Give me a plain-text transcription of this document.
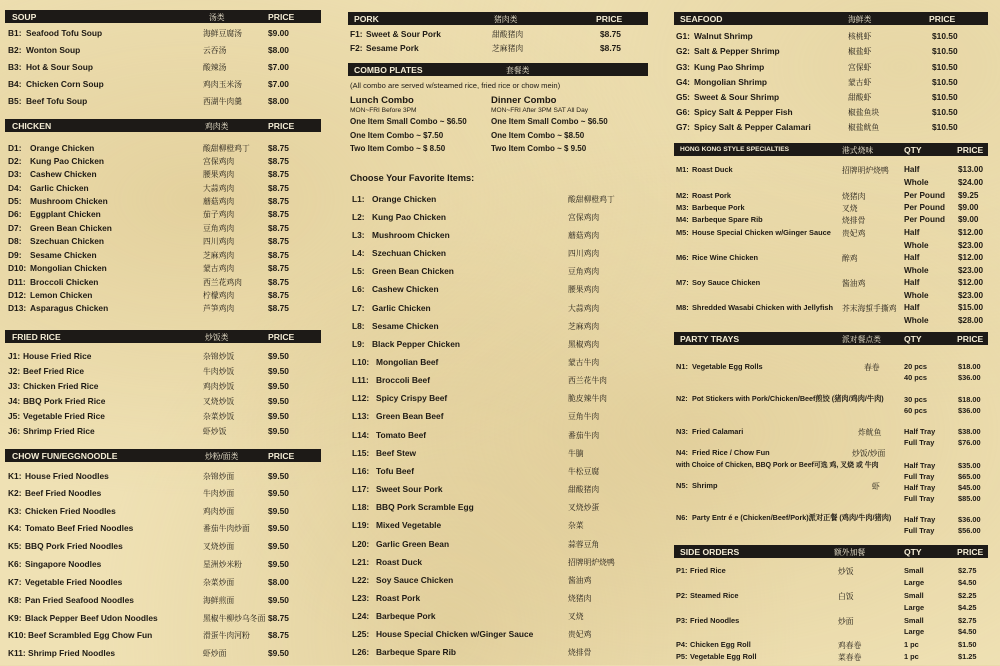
SOUP	汤类	PRICE
B1: Seafood Tofu Soup	海鲜豆腐汤	$9.00
B2: Wonton Soup	云吞汤	$8.00
B3: Hot & Sour Soup	酸辣汤	$7.00
B4: Chicken Corn Soup	鸡肉玉米汤	$7.00
B5: Beef Tofu Soup	西湖牛肉羹	$8.00
CHICKEN	鸡肉类	PRICE
D1: Orange Chicken	酸甜柳橙鸡丁 $8.75
D2: Kung Pao Chicken	宫保鸡肉	$8.75
D3: Cashew Chicken	腰果鸡肉	$8.75
D4: Garlic Chicken	大蒜鸡肉	$8.75
D5: Mushroom Chicken	蘑菇鸡肉	$8.75
D6: Eggplant Chicken	茄子鸡肉	$8.75
D7: Green Bean Chicken	豆角鸡肉	$8.75
D8: Szechuan Chicken	四川鸡肉	$8.75
D9: Sesame Chicken	芝麻鸡肉	$8.75
D10: Mongolian Chicken	蒙古鸡肉	$8.75
D11: Broccoli Chicken	西兰花鸡肉	$8.75
D12: Lemon Chicken	柠檬鸡肉	$8.75
D13: Asparagus Chicken	芦笋鸡肉	$8.75
FRIED RICE	炒饭类	PRICE
J1: House Fried Rice	杂锦炒饭	$9.50
J2: Beef Fried Rice	牛肉炒饭	$9.50
J3: Chicken Fried Rice	鸡肉炒饭	$9.50
J4: BBQ Pork Fried Rice	叉烧炒饭	$9.50
J5: Vegetable Fried Rice	杂菜炒饭	$9.50
J6: Shrimp Fried Rice	虾炒饭	$9.50
CHOW FUN/EGGNOODLE	炒粉/面类	PRICE
K1: House Fried Noodles	杂锦炒面	$9.50
K2: Beef Fried Noodles	牛肉炒面	$9.50
K3: Chicken Fried Noodles	鸡肉炒面	$9.50
K4: Tomato Beef Fried Noodles	番茄牛肉炒面 $9.50
K5: BBQ Pork Fried Noodles	叉烧炒面	$9.50
K6: Singapore Noodles	星洲炒米粉	$9.50
K7: Vegetable Fried Noodles	杂菜炒面	$8.00
K8: Pan Fried Seafood Noodles	海鲜煎面	$9.50
K9: Black Pepper Beef Udon Noodles	黑椒牛柳炒乌冬面 $8.75
K10: Beef Scrambled Egg Chow Fun	滑蛋牛肉河粉 $8.75
K11: Shrimp Fried Noodles	虾炒面	$9.50
PORK	猪肉类	PRICE
F1: Sweet & Sour Pork	甜酸猪肉	$8.75
F2: Sesame Pork	芝麻猪肉	$8.75
COMBO PLATES	套餐类
(All combo are served w/steamed rice, fried rice or chow mein)
Lunch Combo
MON~FRI Before 3PM
One Item Small Combo ~ $6.50
One Item Combo ~ $7.50
Two Item Combo ~ $ 8.50
Dinner Combo
MON~FRI After 3PM SAT All Day
One Item Small Combo ~ $6.50
One Item Combo ~ $8.50
Two Item Combo ~ $ 9.50
Choose Your Favorite Items:
L1: Orange Chicken	酸甜柳橙鸡丁
L2: Kung Pao Chicken	宫保鸡肉
L3: Mushroom Chicken	蘑菇鸡肉
L4: Szechuan Chicken	四川鸡肉
L5: Green Bean Chicken	豆角鸡肉
L6: Cashew Chicken	腰果鸡肉
L7: Garlic Chicken	大蒜鸡肉
L8: Sesame Chicken	芝麻鸡肉
L9: Black Pepper Chicken	黑椒鸡肉
L10: Mongolian Beef	蒙古牛肉
L11: Broccoli Beef	西兰花牛肉
L12: Spicy Crispy Beef	脆皮辣牛肉
L13: Green Bean Beef	豆角牛肉
L14: Tomato Beef	番茄牛肉
L15: Beef Stew	牛腩
L16: Tofu Beef	牛松豆腐
L17: Sweet Sour Pork	甜酸猪肉
L18: BBQ Pork Scramble Egg	叉烧炒蛋
L19: Mixed Vegetable	杂菜
L20: Garlic Green Bean	蒜蓉豆角
L21: Roast Duck	招牌明炉烧鸭
L22: Soy Sauce Chicken	酱油鸡
L23: Roast Pork	烧猪肉
L24: Barbeque Pork	叉烧
L25: House Special Chicken w/Ginger Sauce	贵妃鸡
L26: Barbeque Spare Rib	烧排骨
SEAFOOD	海鲜类	PRICE
G1: Walnut Shrimp	核桃虾	$10.50
G2: Salt & Pepper Shrimp	椒盐虾	$10.50
G3: Kung Pao Shrimp	宫保虾	$10.50
G4: Mongolian Shrimp	蒙古虾	$10.50
G5: Sweet & Sour Shrimp	甜酸虾	$10.50
G6: Spicy Salt & Pepper Fish	椒盐鱼块	$10.50
G7: Spicy Salt & Pepper Calamari	椒盐鱿鱼	$10.50
HONG KONG STYLE SPECIALTIES	港式烧味	QTY	PRICE
M1: Roast Duck	招牌明炉烧鸭 Half	$13.00
Whole	$24.00
M2: Roast Pork	烧猪肉	Per Pound $9.25
M3: Barbeque Pork	叉烧	Per Pound $9.00
M4: Barbeque Spare Rib	烧排骨	Per Pound $9.00
M5: House Special Chicken w/Ginger Sauce 贵妃鸡	Half	$12.00
Whole	$23.00
M6: Rice Wine Chicken	醉鸡	Half	$12.00
Whole	$23.00
M7: Soy Sauce Chicken	酱油鸡	Half	$12.00
Whole	$23.00
M8: Shredded Wasabi Chicken with Jellyfish 芥末海蜇手撕鸡 Half	$15.00
Whole	$28.00
PARTY TRAYS	派对餐点类	QTY	PRICE
N1: Vegetable Egg Rolls	春卷	20 pcs	$18.00
40 pcs	$36.00
N2: Pot Stickers with Pork/Chicken/Beef煎饺 (猪肉/鸡肉/牛肉)	30 pcs	$18.00
60 pcs	$36.00
N3: Fried Calamari	炸鱿鱼	Half Tray	$38.00
Full Tray	$76.00
N4: Fried Rice / Chow Fun	炒饭/炒面
with Choice of Chicken, BBQ Pork or Beef可选 鸡, 叉烧 或 牛肉	Half Tray	$35.00
Full Tray	$65.00
N5: Shrimp	虾	Half Tray	$45.00
Full Tray	$85.00
N6: Party Entr é e (Chicken/Beef/Pork)派对正餐 (鸡肉/牛肉/猪肉) Half Tray	$36.00
Full Tray	$56.00
SIDE ORDERS	额外加餐	QTY	PRICE
P1: Fried Rice	炒饭	Small	$2.75
Large	$4.50
P2: Steamed Rice	白饭	Small	$2.25
Large	$4.25
P3: Fried Noodles	炒面	Small	$2.75
Large	$4.50
P4: Chicken Egg Roll	鸡春卷	1 pc	$1.50
P5: Vegetable Egg Roll	菜春卷	1 pc	$1.25
